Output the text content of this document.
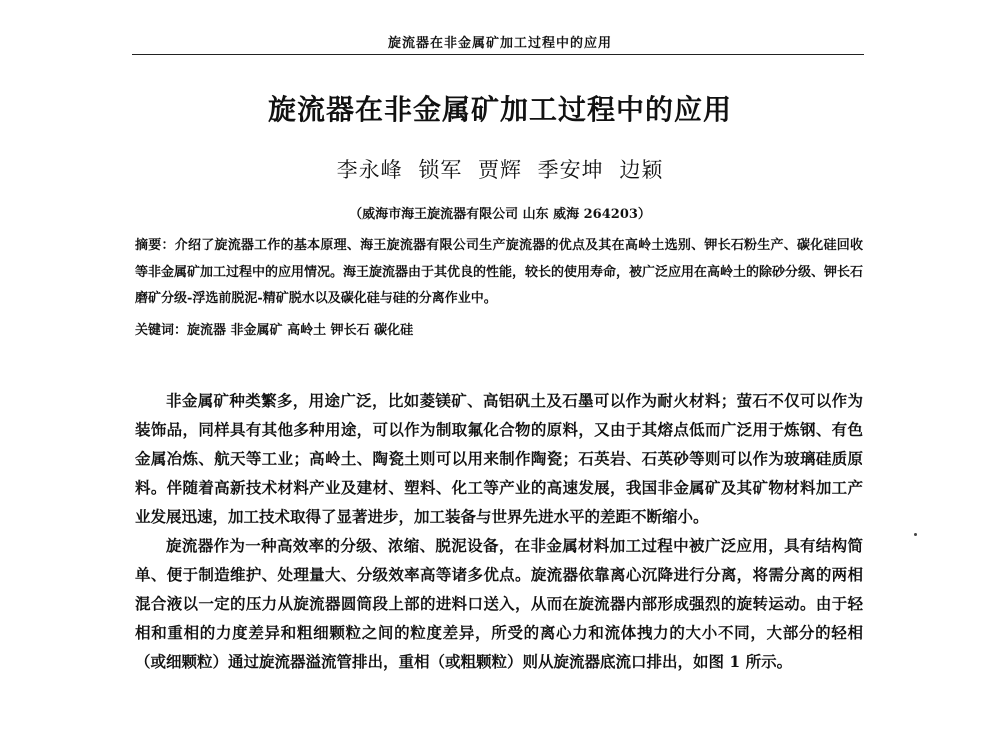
旋流器在非金属矿加工过程中的应用
旋流器在非金属矿加工过程中的应用
李永峰 锁军 贾辉 季安坤 边颖
（威海市海王旋流器有限公司 山东 威海 264203）
摘要：介绍了旋流器工作的基本原理、海王旋流器有限公司生产旋流器的优点及其在高岭土选别、钾长石粉生产、碳化硅回收等非金属矿加工过程中的应用情况。海王旋流器由于其优良的性能，较长的使用寿命，被广泛应用在高岭土的除砂分级、钾长石磨矿分级-浮选前脱泥-精矿脱水以及碳化硅与硅的分离作业中。
关键词：旋流器 非金属矿 高岭土 钾长石 碳化硅

非金属矿种类繁多，用途广泛，比如菱镁矿、高铝矾土及石墨可以作为耐火材料；萤石不仅可以作为装饰品，同样具有其他多种用途，可以作为制取氟化合物的原料，又由于其熔点低而广泛用于炼钢、有色金属冶炼、航天等工业；高岭土、陶瓷土则可以用来制作陶瓷；石英岩、石英砂等则可以作为玻璃硅质原料。伴随着高新技术材料产业及建材、塑料、化工等产业的高速发展，我国非金属矿及其矿物材料加工产业发展迅速，加工技术取得了显著进步，加工装备与世界先进水平的差距不断缩小。

旋流器作为一种高效率的分级、浓缩、脱泥设备，在非金属材料加工过程中被广泛应用，具有结构简单、便于制造维护、处理量大、分级效率高等诸多优点。旋流器依靠离心沉降进行分离，将需分离的两相混合液以一定的压力从旋流器圆筒段上部的进料口送入，从而在旋流器内部形成强烈的旋转运动。由于轻相和重相的力度差异和粗细颗粒之间的粒度差异，所受的离心力和流体拽力的大小不同，大部分的轻相（或细颗粒）通过旋流器溢流管排出，重相（或粗颗粒）则从旋流器底流口排出，如图 1 所示。
